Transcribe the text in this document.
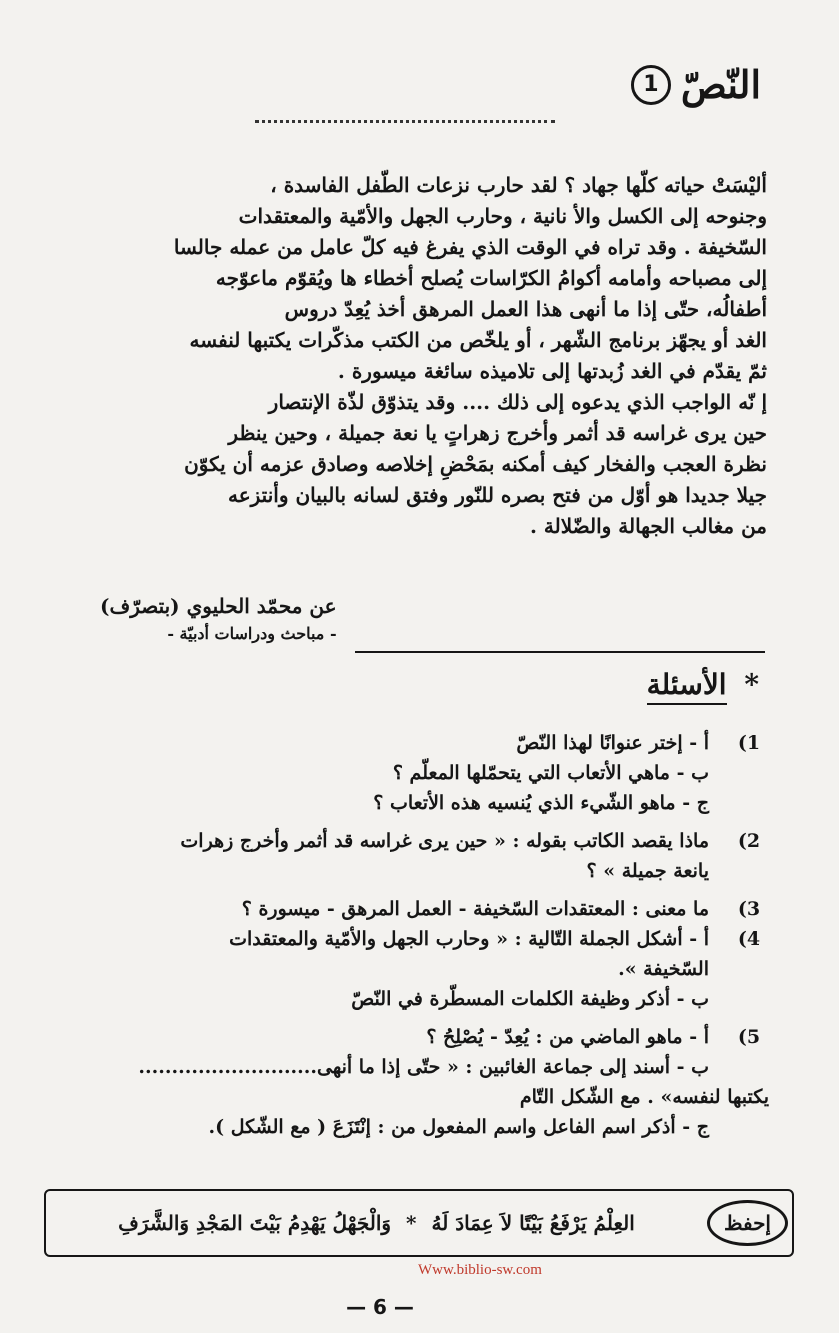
النّصّ
1

أليْسَتْ حياته كلّها جهاد ؟ لقد حارب نزعات الطّفل الفاسدة ،
وجنوحه إلى الكسل والأ نانية ، وحارب الجهل والأمّية والمعتقدات
السّخيفة . وقد تراه في الوقت الذي يفرغ فيه كلّ عامل من عمله جالسا
إلى مصباحه وأمامه أكوامُ الكرّاسات يُصلح أخطاء ها ويُقوّم ماعوّجه
أطفالُه، حتّى إذا ما أنهى هذا العمل المرهق أخذ يُعِدّ دروس
الغد أو يجهّز برنامج الشّهر ، أو يلخّص من الكتب مذكّرات يكتبها لنفسه
ثمّ يقدّم في الغد زُبدتها إلى تلاميذه سائغة ميسورة .
إ نّه الواجب الذي يدعوه إلى ذلك .... وقد يتذوّق لذّة الإنتصار
حين يرى غراسه قد أثمر وأخرج زهراتٍ يا نعة جميلة ، وحين ينظر
نظرة العجب والفخار كيف أمكنه بمَحْضِ إخلاصه وصادق عزمه أن يكوّن
جيلا جديدا هو أوّل من فتح بصره للنّور وفتق لسانه بالبيان وأنتزعه
من مغالب الجهالة والضّلالة .

عن محمّد الحليوي (بتصرّف)
- مباحث ودراسات أدبيّة -
* الأسئلة
1)
أ - إختر عنوانًا لهذا النّصّ
ب - ماهي الأتعاب التي يتحمّلها المعلّم ؟
ج - ماهو الشّيء الذي يُنسيه هذه الأتعاب ؟
2)
ماذا يقصد الكاتب بقوله : « حين يرى غراسه قد أثمر وأخرج زهرات
يانعة جميلة » ؟
3)
ما معنى : المعتقدات السّخيفة - العمل المرهق - ميسورة ؟
4)
أ - أشكل الجملة التّالية : « وحارب الجهل والأمّية والمعتقدات
السّخيفة ».
ب - أذكر وظيفة الكلمات المسطّرة في النّصّ
5)
أ - ماهو الماضي من : يُعِدّ - يُصْلِحُ ؟
ب - أسند إلى جماعة الغائبين : « حتّى إذا ما أنهى...........................
يكتبها لنفسه» . مع الشّكل التّام
ج - أذكر اسم الفاعل واسم المفعول من : إنْتَزَعَ ( مع الشّكل ).
إحفظ
العِلْمُ يَرْفَعُ بَيْتًا لاَ عِمَادَ لَهُ * وَالْجَهْلُ يَهْدِمُ بَيْتَ المَجْدِ وَالشَّرَفِ
Www.biblio-sw.com
— 6 —
